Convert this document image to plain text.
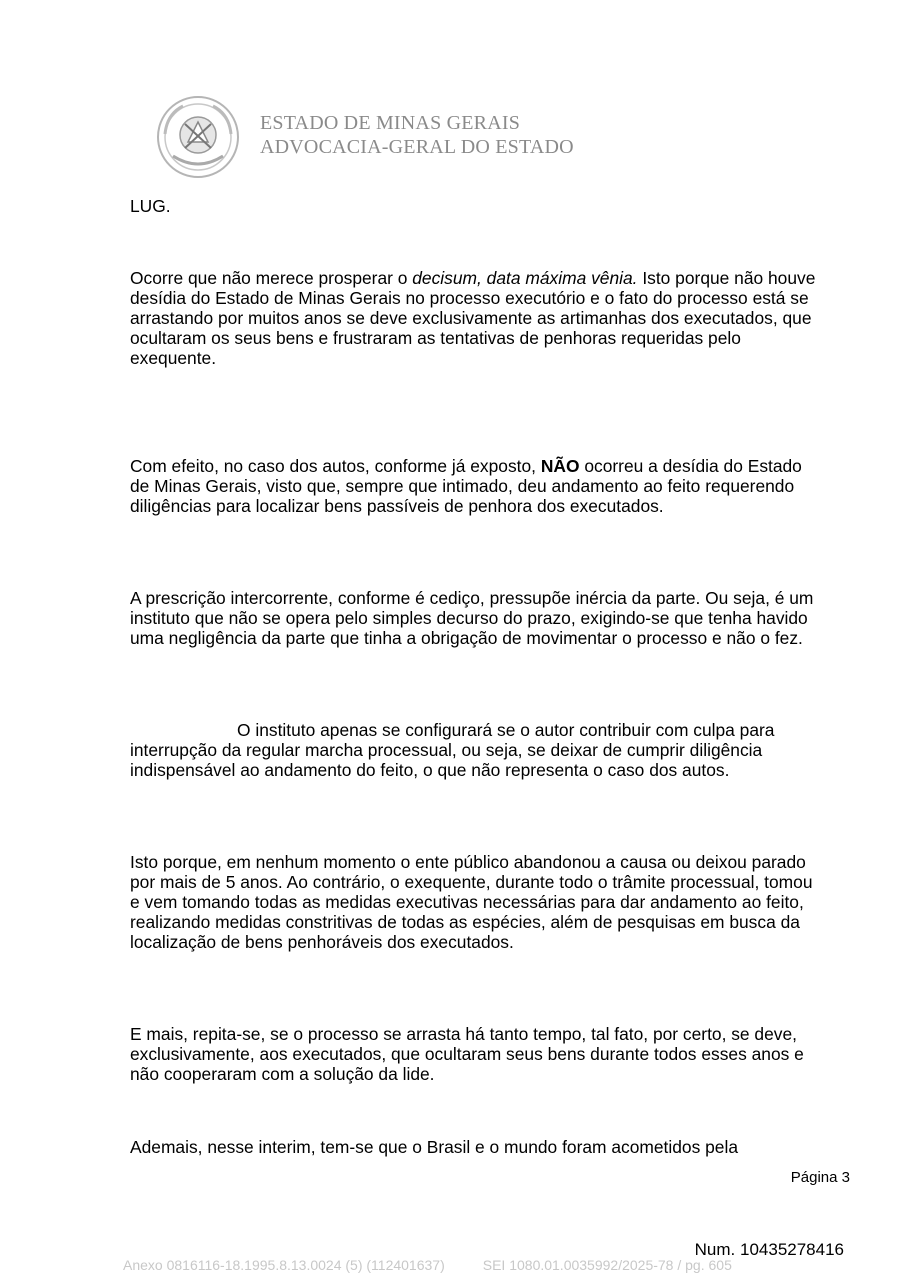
ESTADO DE MINAS GERAIS
ADVOCACIA-GERAL DO ESTADO

LUG.

Ocorre que não merece prosperar o decisum, data máxima vênia. Isto porque não houve desídia do Estado de Minas Gerais no processo executório e o fato do processo está se arrastando por muitos anos se deve exclusivamente as artimanhas dos executados, que ocultaram os seus bens e frustraram as tentativas de penhoras requeridas pelo exequente.

Com efeito, no caso dos autos, conforme já exposto, NÃO ocorreu a desídia do Estado de Minas Gerais, visto que, sempre que intimado, deu andamento ao feito requerendo diligências para localizar bens passíveis de penhora dos executados.

A prescrição intercorrente, conforme é cediço, pressupõe inércia da parte. Ou seja, é um instituto que não se opera pelo simples decurso do prazo, exigindo-se que tenha havido uma negligência da parte que tinha a obrigação de movimentar o processo e não o fez.

O instituto apenas se configurará se o autor contribuir com culpa para interrupção da regular marcha processual, ou seja, se deixar de cumprir diligência indispensável ao andamento do feito, o que não representa o caso dos autos.

Isto porque, em nenhum momento o ente público abandonou a causa ou deixou parado por mais de 5 anos. Ao contrário, o exequente, durante todo o trâmite processual, tomou e vem tomando todas as medidas executivas necessárias para dar andamento ao feito, realizando medidas constritivas de todas as espécies, além de pesquisas em busca da localização de bens penhoráveis dos executados.

E mais, repita-se, se o processo se arrasta há tanto tempo, tal fato, por certo, se deve, exclusivamente, aos executados, que ocultaram seus bens durante todos esses anos e não cooperaram com a solução da lide.

Ademais, nesse interim, tem-se que o Brasil e o mundo foram acometidos pela

Página 3
Num. 10435278416
Anexo 0816116-18.1995.8.13.0024 (5) (112401637)	SEI 1080.01.0035992/2025-78 / pg. 605
